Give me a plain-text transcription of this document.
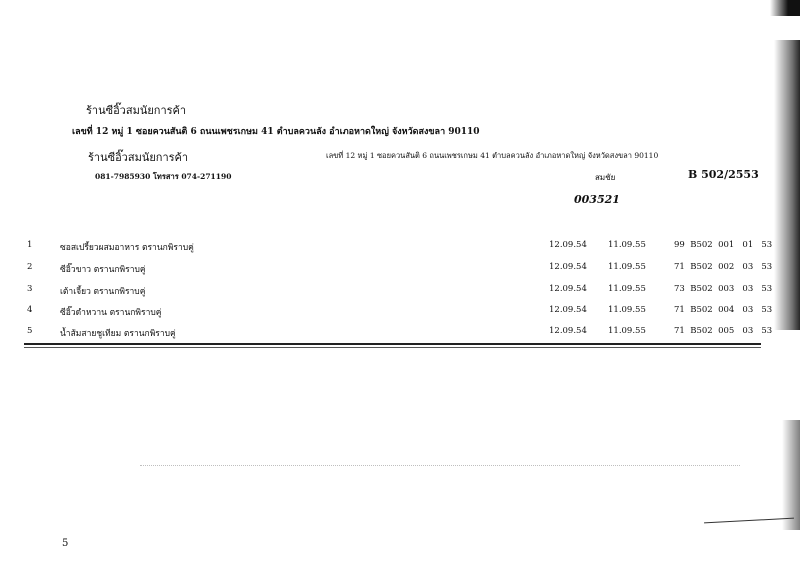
ร้านซีอิ๊วสมนัยการค้า
เลขที่ 12 หมู่ 1 ซอยควนสันติ 6 ถนนเพชรเกษม 41 ตำบลควนลัง อำเภอหาดใหญ่ จังหวัดสงขลา 90110
ร้านซีอิ๊วสมนัยการค้า	เลขที่ 12 หมู่ 1 ซอยควนสันติ 6 ถนนเพชรเกษม 41 ตำบลควนลัง อำเภอหาดใหญ่ จังหวัดสงขลา 90110
081-7985930 โทรสาร 074-271190	สมชัย	B 502/2553
003521
1	ซอสเปรี้ยวผสมอาหาร ตรานกพิราบคู่	12.09.54 11.09.55	99  B502  001   01   53
2	ซีอิ๊วขาว ตรานกพิราบคู่	12.09.54 11.09.55	71  B502  002   03   53
3	เต้าเจี้ยว ตรานกพิราบคู่	12.09.54 11.09.55	73  B502  003   03   53
4	ซีอิ๊วดำหวาน ตรานกพิราบคู่	12.09.54 11.09.55	71  B502  004   03   53
5	น้ำส้มสายชูเทียม ตรานกพิราบคู่	12.09.54 11.09.55	71  B502  005   03   53
5
